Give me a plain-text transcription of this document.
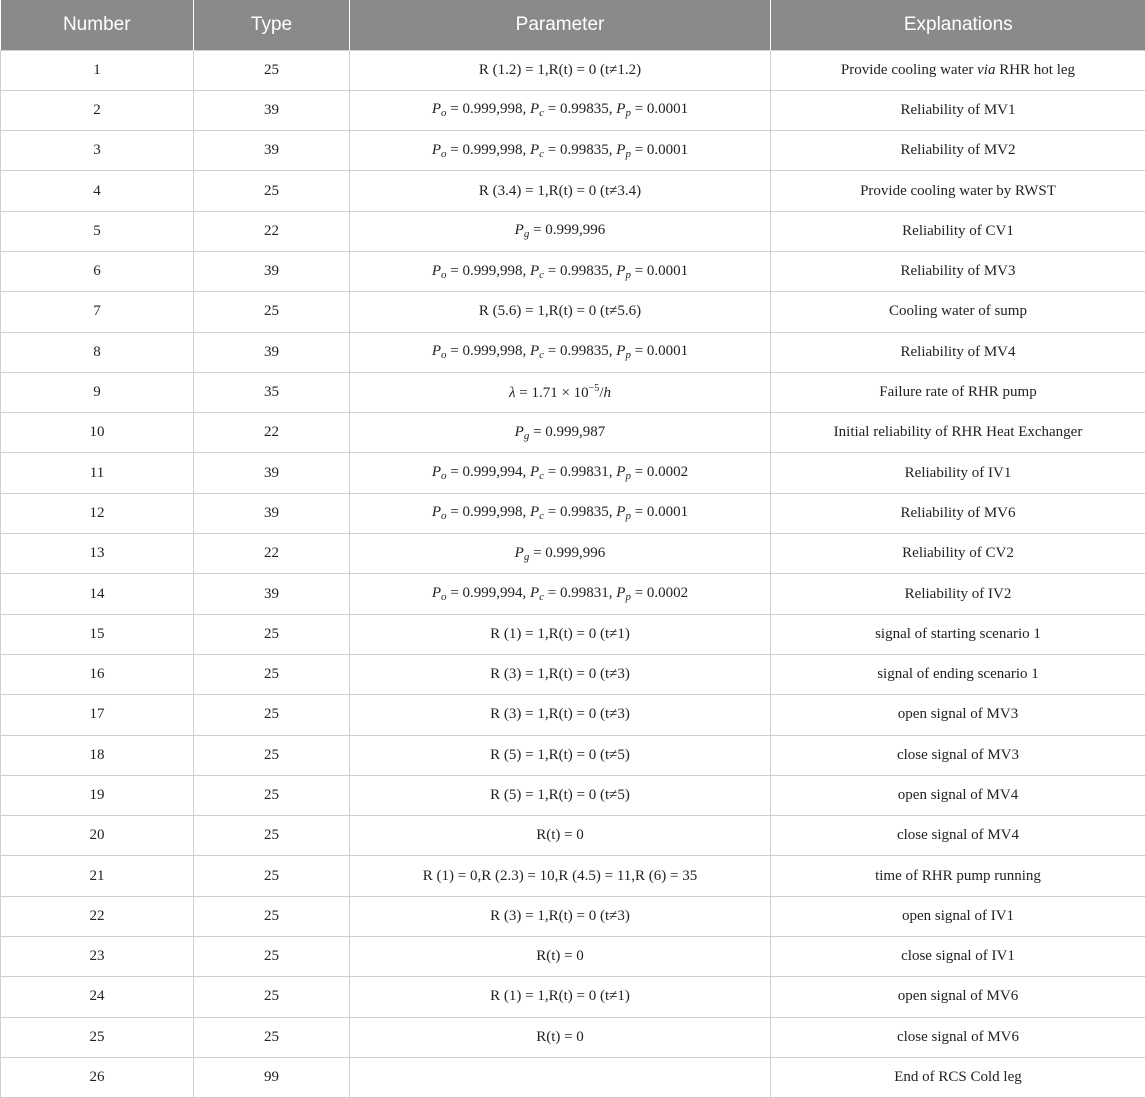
Number	Type	Parameter	Explanations
1	25	R (1.2) = 1,R(t) = 0 (t≠1.2)	Provide cooling water via RHR hot leg
2	39	$P_o = 0.999,998$, $P_c = 0.99835$, $P_p = 0.0001$	Reliability of MV1
3	39	$P_o = 0.999,998$, $P_c = 0.99835$, $P_p = 0.0001$	Reliability of MV2
4	25	R (3.4) = 1,R(t) = 0 (t≠3.4)	Provide cooling water by RWST
5	22	$P_g = 0.999,996$	Reliability of CV1
6	39	$P_o = 0.999,998$, $P_c = 0.99835$, $P_p = 0.0001$	Reliability of MV3
7	25	R (5.6) = 1,R(t) = 0 (t≠5.6)	Cooling water of sump
8	39	$P_o = 0.999,998$, $P_c = 0.99835$, $P_p = 0.0001$	Reliability of MV4
9	35	$\lambda = 1.71 \times 10^{-5}/h$	Failure rate of RHR pump
10	22	$P_g = 0.999,987$	Initial reliability of RHR Heat Exchanger
11	39	$P_o = 0.999,994$, $P_c = 0.99831$, $P_p = 0.0002$	Reliability of IV1
12	39	$P_o = 0.999,998$, $P_c = 0.99835$, $P_p = 0.0001$	Reliability of MV6
13	22	$P_g = 0.999,996$	Reliability of CV2
14	39	$P_o = 0.999,994$, $P_c = 0.99831$, $P_p = 0.0002$	Reliability of IV2
15	25	R (1) = 1,R(t) = 0 (t≠1)	signal of starting scenario 1
16	25	R (3) = 1,R(t) = 0 (t≠3)	signal of ending scenario 1
17	25	R (3) = 1,R(t) = 0 (t≠3)	open signal of MV3
18	25	R (5) = 1,R(t) = 0 (t≠5)	close signal of MV3
19	25	R (5) = 1,R(t) = 0 (t≠5)	open signal of MV4
20	25	R(t) = 0	close signal of MV4
21	25	R (1) = 0,R (2.3) = 10,R (4.5) = 11,R (6) = 35	time of RHR pump running
22	25	R (3) = 1,R(t) = 0 (t≠3)	open signal of IV1
23	25	R(t) = 0	close signal of IV1
24	25	R (1) = 1,R(t) = 0 (t≠1)	open signal of MV6
25	25	R(t) = 0	close signal of MV6
26	99		End of RCS Cold leg
